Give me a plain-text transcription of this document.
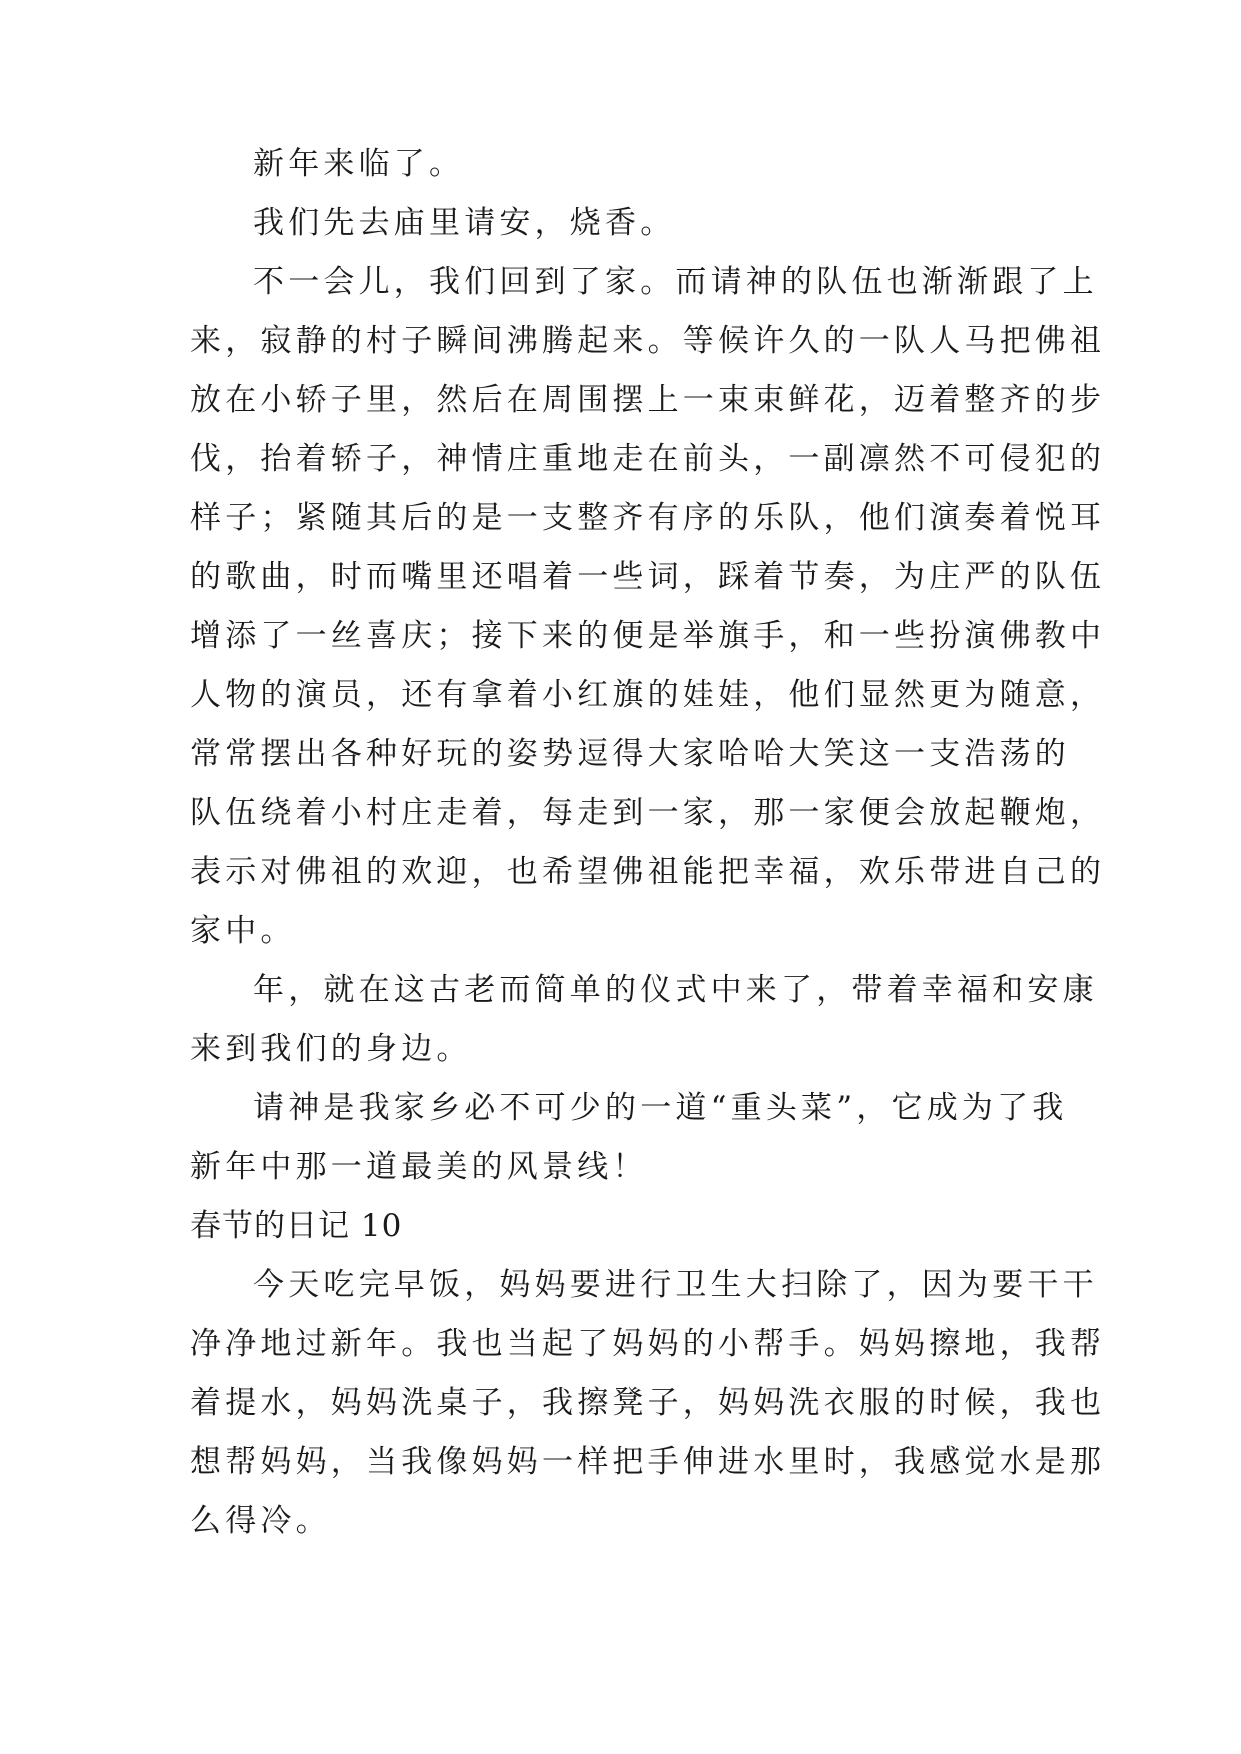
新年来临了。
我们先去庙里请安，烧香。
不一会儿，我们回到了家。而请神的队伍也渐渐跟了上
来，寂静的村子瞬间沸腾起来。等候许久的一队人马把佛祖
放在小轿子里，然后在周围摆上一束束鲜花，迈着整齐的步
伐，抬着轿子，神情庄重地走在前头，一副凛然不可侵犯的
样子；紧随其后的是一支整齐有序的乐队，他们演奏着悦耳
的歌曲，时而嘴里还唱着一些词，踩着节奏，为庄严的队伍
增添了一丝喜庆；接下来的便是举旗手，和一些扮演佛教中
人物的演员，还有拿着小红旗的娃娃，他们显然更为随意，
常常摆出各种好玩的姿势逗得大家哈哈大笑这一支浩荡的
队伍绕着小村庄走着，每走到一家，那一家便会放起鞭炮，
表示对佛祖的欢迎，也希望佛祖能把幸福，欢乐带进自己的
家中。
年，就在这古老而简单的仪式中来了，带着幸福和安康
来到我们的身边。
请神是我家乡必不可少的一道“重头菜”，它成为了我
新年中那一道最美的风景线！
春节的日记 10
今天吃完早饭，妈妈要进行卫生大扫除了，因为要干干
净净地过新年。我也当起了妈妈的小帮手。妈妈擦地，我帮
着提水，妈妈洗桌子，我擦凳子，妈妈洗衣服的时候，我也
想帮妈妈，当我像妈妈一样把手伸进水里时，我感觉水是那
么得冷。
